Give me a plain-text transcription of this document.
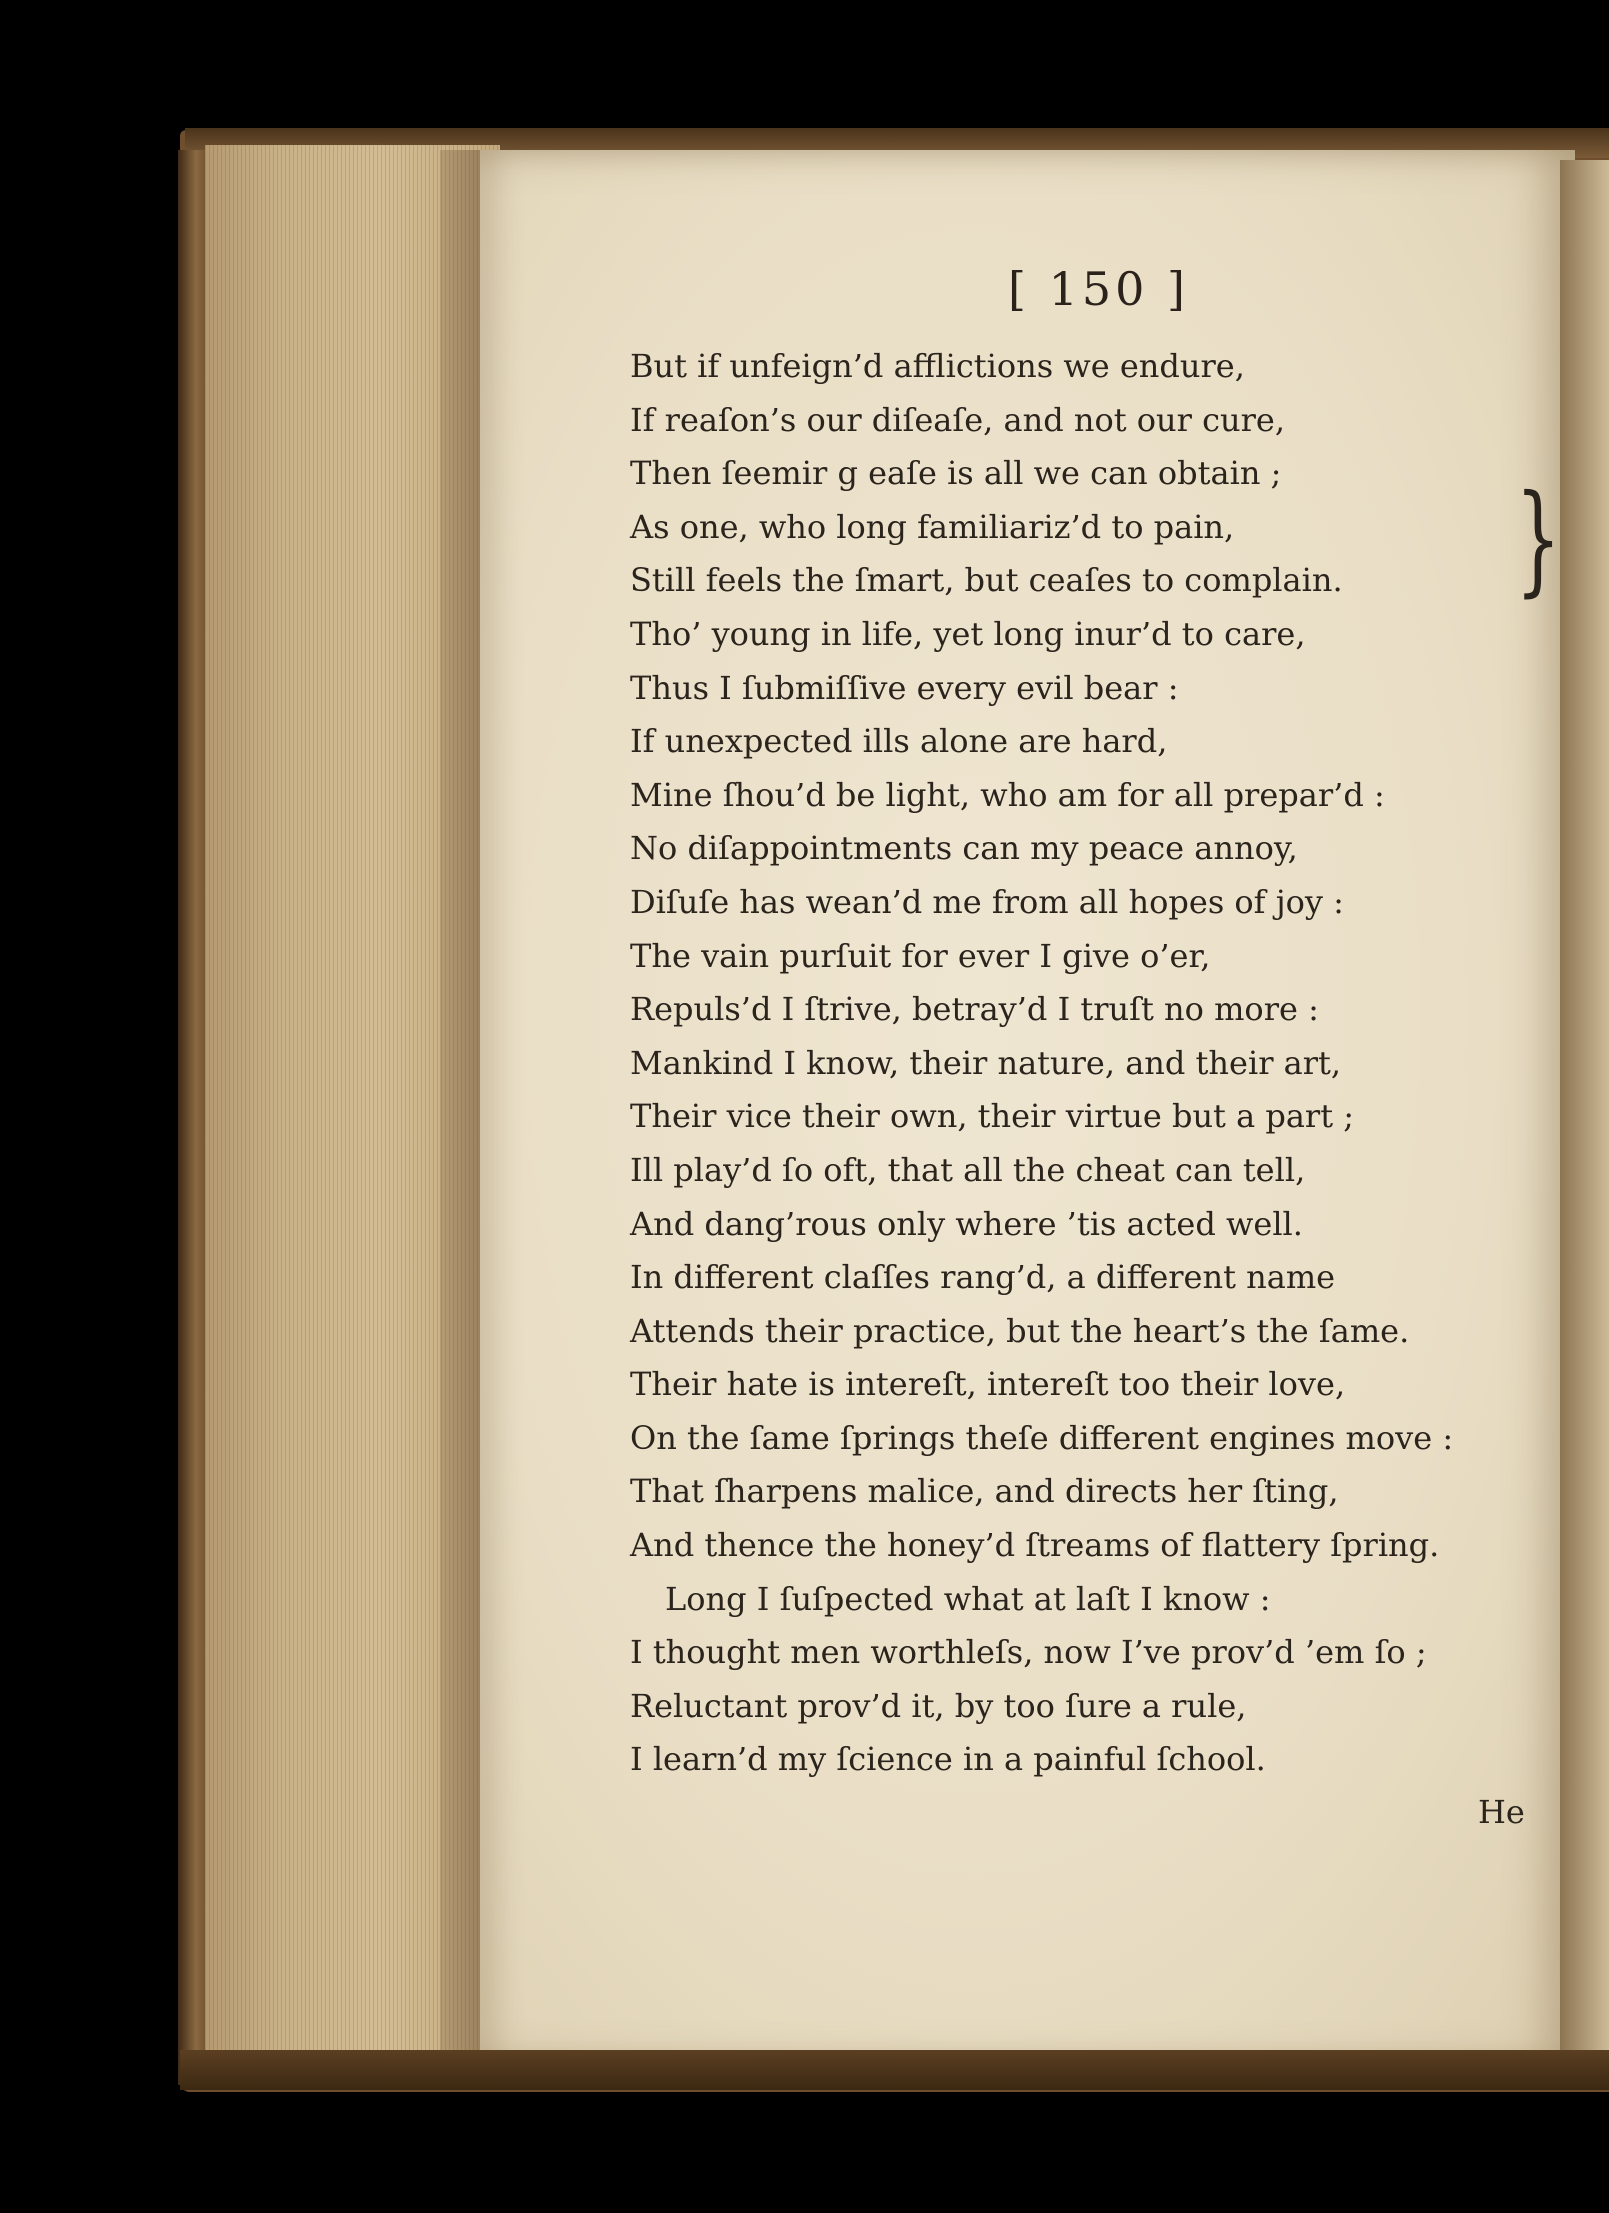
[ 150 ]
But if unfeign’d afflictions we endure,
If reaſon’s our diſeaſe, and not our cure,
Then ſeemir g eaſe is all we can obtain ;
As one, who long familiariz’d to pain,
Still feels the ſmart, but ceaſes to complain.
Tho’ young in life, yet long inur’d to care,
Thus I ſubmiſſive every evil bear :
If unexpected ills alone are hard,
Mine ſhou’d be light, who am for all prepar’d :
No diſappointments can my peace annoy,
Diſuſe has wean’d me from all hopes of joy :
The vain purſuit for ever I give o’er,
Repuls’d I ſtrive, betray’d I truſt no more :
Mankind I know, their nature, and their art,
Their vice their own, their virtue but a part ;
Ill play’d ſo oft, that all the cheat can tell,
And dang’rous only where ’tis acted well.
In different claſſes rang’d, a different name
Attends their practice, but the heart’s the ſame.
Their hate is intereſt, intereſt too their love,
On the ſame ſprings theſe different engines move :
That ſharpens malice, and directs her ſting,
And thence the honey’d ſtreams of flattery ſpring.
Long I ſuſpected what at laſt I know :
I thought men worthleſs, now I’ve prov’d ’em ſo ;
Reluctant prov’d it, by too ſure a rule,
I learn’d my ſcience in a painful ſchool.
}
He
